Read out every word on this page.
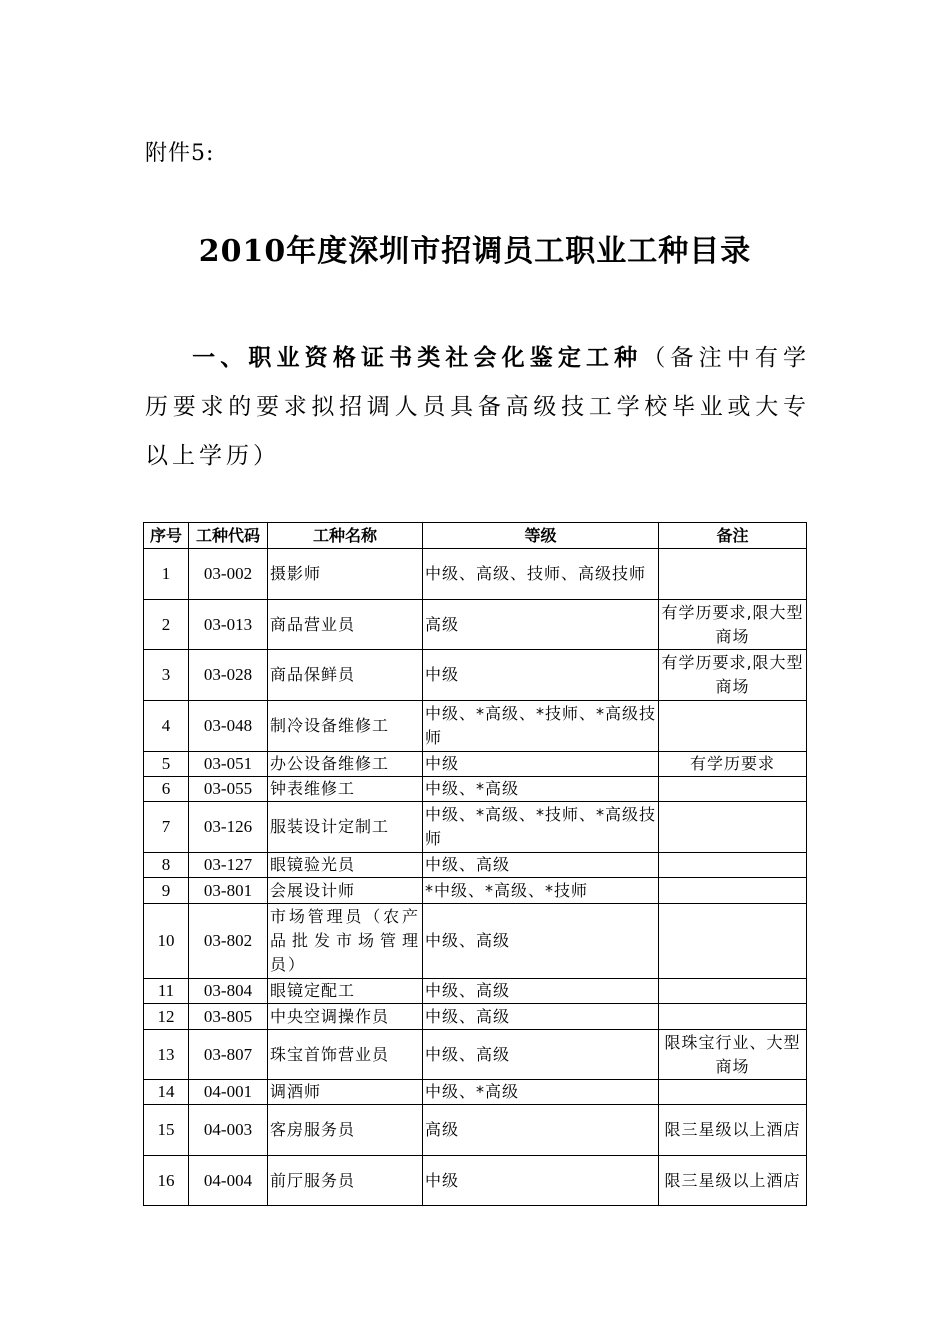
附件5:
2010年度深圳市招调员工职业工种目录
一、职业资格证书类社会化鉴定工种（备注中有学历要求的要求拟招调人员具备高级技工学校毕业或大专以上学历）
序号	工种代码	工种名称	等级	备注
1	03-002	摄影师	中级、高级、技师、高级技师	
2	03-013	商品营业员	高级	有学历要求,限大型商场
3	03-028	商品保鲜员	中级	有学历要求,限大型商场
4	03-048	制冷设备维修工	中级、*高级、*技师、*高级技师	
5	03-051	办公设备维修工	中级	有学历要求
6	03-055	钟表维修工	中级、*高级	
7	03-126	服装设计定制工	中级、*高级、*技师、*高级技师	
8	03-127	眼镜验光员	中级、高级	
9	03-801	会展设计师	*中级、*高级、*技师	
10	03-802	市场管理员（农产品批发市场管理员）	中级、高级	
11	03-804	眼镜定配工	中级、高级	
12	03-805	中央空调操作员	中级、高级	
13	03-807	珠宝首饰营业员	中级、高级	限珠宝行业、大型商场
14	04-001	调酒师	中级、*高级	
15	04-003	客房服务员	高级	限三星级以上酒店
16	04-004	前厅服务员	中级	限三星级以上酒店
